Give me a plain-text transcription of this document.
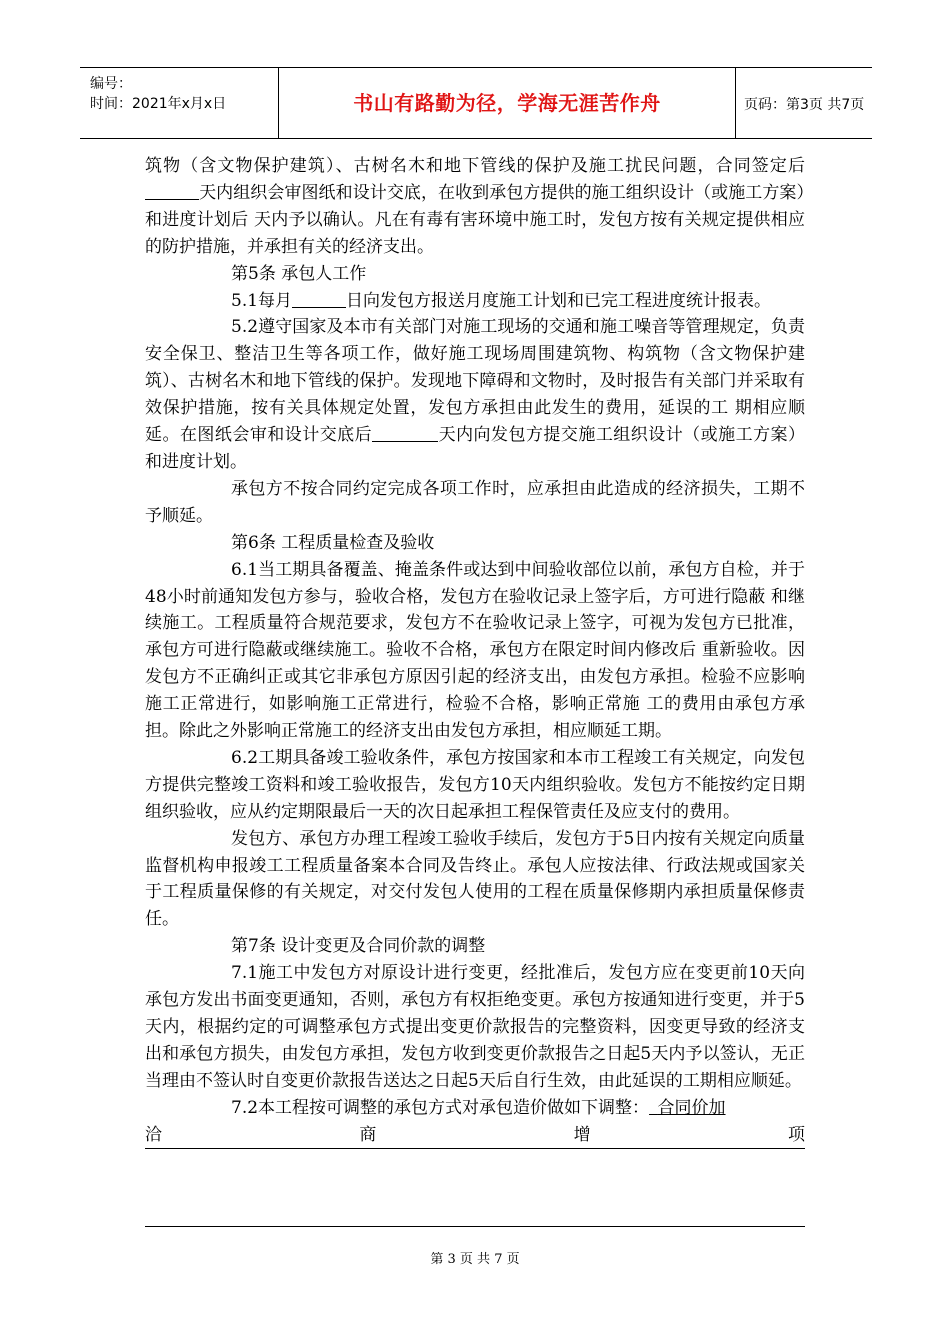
编号：
时间：2021年x月x日	书山有路勤为径，学海无涯苦作舟	页码：第3页 共7页

筑物（含文物保护建筑）、古树名木和地下管线的保护及施工扰民问题，合同签定后天内组织会审图纸和设计交底，在收到承包方提供的施工组织设计（或施工方案）和进度计划后 天内予以确认。凡在有毒有害环境中施工时，发包方按有关规定提供相应的防护措施，并承担有关的经济支出。

第5条 承包人工作

5.1每月	日向发包方报送月度施工计划和已完工程进度统计报表。

5.2遵守国家及本市有关部门对施工现场的交通和施工噪音等管理规定，负责安全保卫、整洁卫生等各项工作，做好施工现场周围建筑物、构筑物（含文物保护建筑）、古树名木和地下管线的保护。发现地下障碍和文物时，及时报告有关部门并采取有效保护措施，按有关具体规定处置，发包方承担由此发生的费用，延误的工 期相应顺延。在图纸会审和设计交底后	天内向发包方提交施工组织设计（或施工方案）和进度计划。

承包方不按合同约定完成各项工作时，应承担由此造成的经济损失，工期不予顺延。

第6条 工程质量检查及验收

6.1当工期具备覆盖、掩盖条件或达到中间验收部位以前，承包方自检，并于48小时前通知发包方参与，验收合格，发包方在验收记录上签字后，方可进行隐蔽 和继续施工。工程质量符合规范要求，发包方不在验收记录上签字，可视为发包方已批准，承包方可进行隐蔽或继续施工。验收不合格，承包方在限定时间内修改后 重新验收。因发包方不正确纠正或其它非承包方原因引起的经济支出，由发包方承担。检验不应影响施工正常进行，如影响施工正常进行，检验不合格，影响正常施 工的费用由承包方承担。除此之外影响正常施工的经济支出由发包方承担，相应顺延工期。

6.2工期具备竣工验收条件，承包方按国家和本市工程竣工有关规定，向发包方提供完整竣工资料和竣工验收报告，发包方10天内组织验收。发包方不能按约定日期组织验收，应从约定期限最后一天的次日起承担工程保管责任及应支付的费用。

发包方、承包方办理工程竣工验收手续后，发包方于5日内按有关规定向质量监督机构申报竣工工程质量备案本合同及告终止。承包人应按法律、行政法规或国家关于工程质量保修的有关规定，对交付发包人使用的工程在质量保修期内承担质量保修责任。

第7条 设计变更及合同价款的调整

7.1施工中发包方对原设计进行变更，经批准后，发包方应在变更前10天向承包方发出书面变更通知，否则，承包方有权拒绝变更。承包方按通知进行变更，并于5天内，根据约定的可调整承包方式提出变更价款报告的完整资料，因变更导致的经济支出和承包方损失，由发包方承担，发包方收到变更价款报告之日起5天内予以签认，无正当理由不签认时自变更价款报告送达之日起5天后自行生效，由此延误的工期相应顺延。

7.2本工程按可调整的承包方式对承包造价做如下调整：  合同价加

洽	商	增	项
第 3 页 共 7 页
